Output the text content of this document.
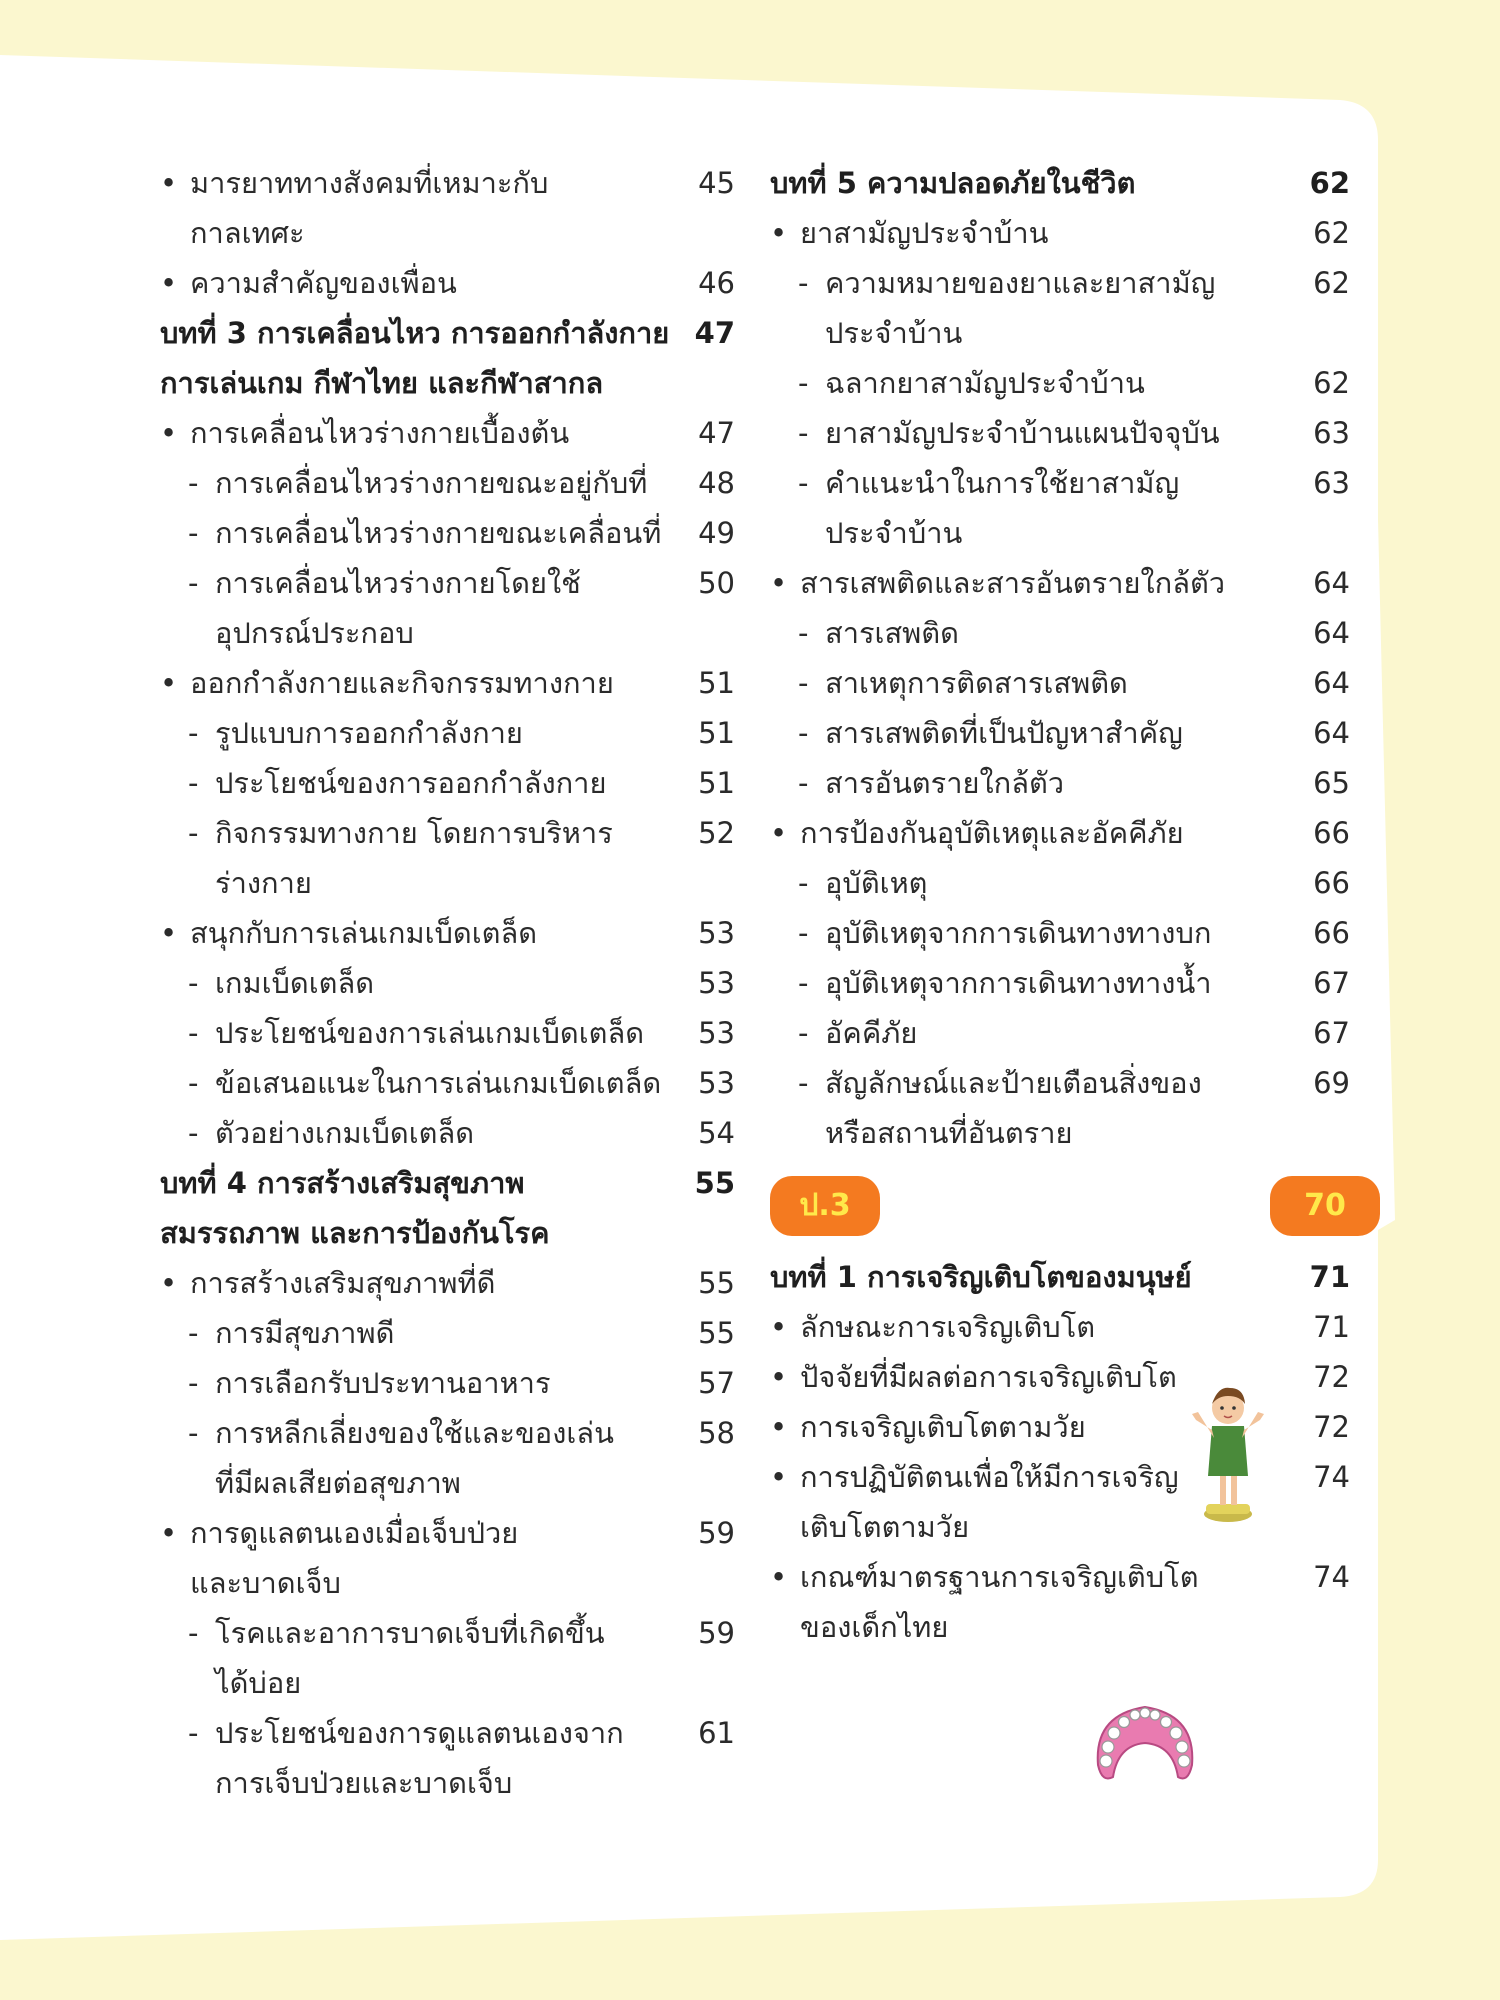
• มารยาททางสังคมที่เหมาะกับ	45
กาลเทศะ
• ความสำคัญของเพื่อน	46
บทที่ 3 การเคลื่อนไหว การออกกำลังกาย 47
การเล่นเกม กีฬาไทย และกีฬาสากล
• การเคลื่อนไหวร่างกายเบื้องต้น	47
- การเคลื่อนไหวร่างกายขณะอยู่กับที่ 48
- การเคลื่อนไหวร่างกายขณะเคลื่อนที่ 49
- การเคลื่อนไหวร่างกายโดยใช้	50
อุปกรณ์ประกอบ
• ออกกำลังกายและกิจกรรมทางกาย	51
- รูปแบบการออกกำลังกาย	51
- ประโยชน์ของการออกกำลังกาย	51
- กิจกรรมทางกาย โดยการบริหาร	52
ร่างกาย
• สนุกกับการเล่นเกมเบ็ดเตล็ด	53
- เกมเบ็ดเตล็ด	53
- ประโยชน์ของการเล่นเกมเบ็ดเตล็ด 53
- ข้อเสนอแนะในการเล่นเกมเบ็ดเตล็ด 53
- ตัวอย่างเกมเบ็ดเตล็ด	54
บทที่ 4 การสร้างเสริมสุขภาพ	55
สมรรถภาพ และการป้องกันโรค
• การสร้างเสริมสุขภาพที่ดี	55
- การมีสุขภาพดี	55
- การเลือกรับประทานอาหาร	57
- การหลีกเลี่ยงของใช้และของเล่น	58
ที่มีผลเสียต่อสุขภาพ
• การดูแลตนเองเมื่อเจ็บป่วย	59
และบาดเจ็บ
- โรคและอาการบาดเจ็บที่เกิดขึ้น	59
ได้บ่อย
- ประโยชน์ของการดูแลตนเองจาก	61
การเจ็บป่วยและบาดเจ็บ
บทที่ 5 ความปลอดภัยในชีวิต	62
• ยาสามัญประจำบ้าน	62
- ความหมายของยาและยาสามัญ	62
ประจำบ้าน
- ฉลากยาสามัญประจำบ้าน	62
- ยาสามัญประจำบ้านแผนปัจจุบัน	63
- คำแนะนำในการใช้ยาสามัญ	63
ประจำบ้าน
• สารเสพติดและสารอันตรายใกล้ตัว	64
- สารเสพติด	64
- สาเหตุการติดสารเสพติด	64
- สารเสพติดที่เป็นปัญหาสำคัญ	64
- สารอันตรายใกล้ตัว	65
• การป้องกันอุบัติเหตุและอัคคีภัย	66
- อุบัติเหตุ	66
- อุบัติเหตุจากการเดินทางทางบก	66
- อุบัติเหตุจากการเดินทางทางน้ำ	67
- อัคคีภัย	67
- สัญลักษณ์และป้ายเตือนสิ่งของ	69
หรือสถานที่อันตราย
ป.3	70
บทที่ 1 การเจริญเติบโตของมนุษย์	71
• ลักษณะการเจริญเติบโต	71
• ปัจจัยที่มีผลต่อการเจริญเติบโต	72
• การเจริญเติบโตตามวัย	72
• การปฏิบัติตนเพื่อให้มีการเจริญ	74
เติบโตตามวัย
• เกณฑ์มาตรฐานการเจริญเติบโต	74
ของเด็กไทย
